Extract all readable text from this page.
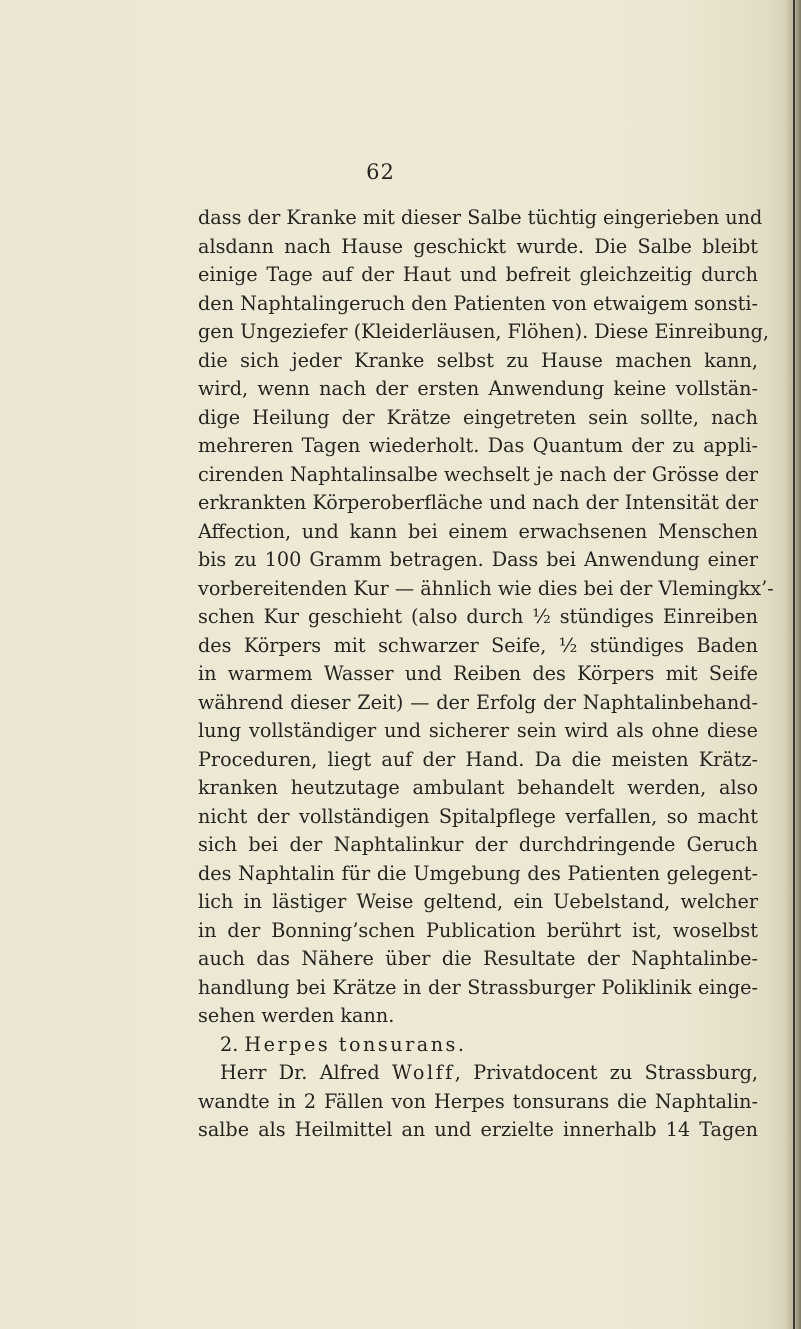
62
dass der Kranke mit dieser Salbe tüchtig eingerieben und
alsdann nach Hause geschickt wurde. Die Salbe bleibt
einige Tage auf der Haut und befreit gleichzeitig durch
den Naphtalingeruch den Patienten von etwaigem sonsti-
gen Ungeziefer (Kleiderläusen, Flöhen). Diese Einreibung,
die sich jeder Kranke selbst zu Hause machen kann,
wird, wenn nach der ersten Anwendung keine vollstän-
dige Heilung der Krätze eingetreten sein sollte, nach
mehreren Tagen wiederholt. Das Quantum der zu appli-
cirenden Naphtalinsalbe wechselt je nach der Grösse der
erkrankten Körperoberfläche und nach der Intensität der
Affection, und kann bei einem erwachsenen Menschen
bis zu 100 Gramm betragen. Dass bei Anwendung einer
vorbereitenden Kur — ähnlich wie dies bei der Vlemingkx’-
schen Kur geschieht (also durch ½ stündiges Einreiben
des Körpers mit schwarzer Seife, ½ stündiges Baden
in warmem Wasser und Reiben des Körpers mit Seife
während dieser Zeit) — der Erfolg der Naphtalinbehand-
lung vollständiger und sicherer sein wird als ohne diese
Proceduren, liegt auf der Hand. Da die meisten Krätz-
kranken heutzutage ambulant behandelt werden, also
nicht der vollständigen Spitalpflege verfallen, so macht
sich bei der Naphtalinkur der durchdringende Geruch
des Naphtalin für die Umgebung des Patienten gelegent-
lich in lästiger Weise geltend, ein Uebelstand, welcher
in der Bonning’schen Publication berührt ist, woselbst
auch das Nähere über die Resultate der Naphtalinbe-
handlung bei Krätze in der Strassburger Poliklinik einge-
sehen werden kann.
2. Herpes tonsurans.
Herr Dr. Alfred Wolff, Privatdocent zu Strassburg,
wandte in 2 Fällen von Herpes tonsurans die Naphtalin-
salbe als Heilmittel an und erzielte innerhalb 14 Tagen
